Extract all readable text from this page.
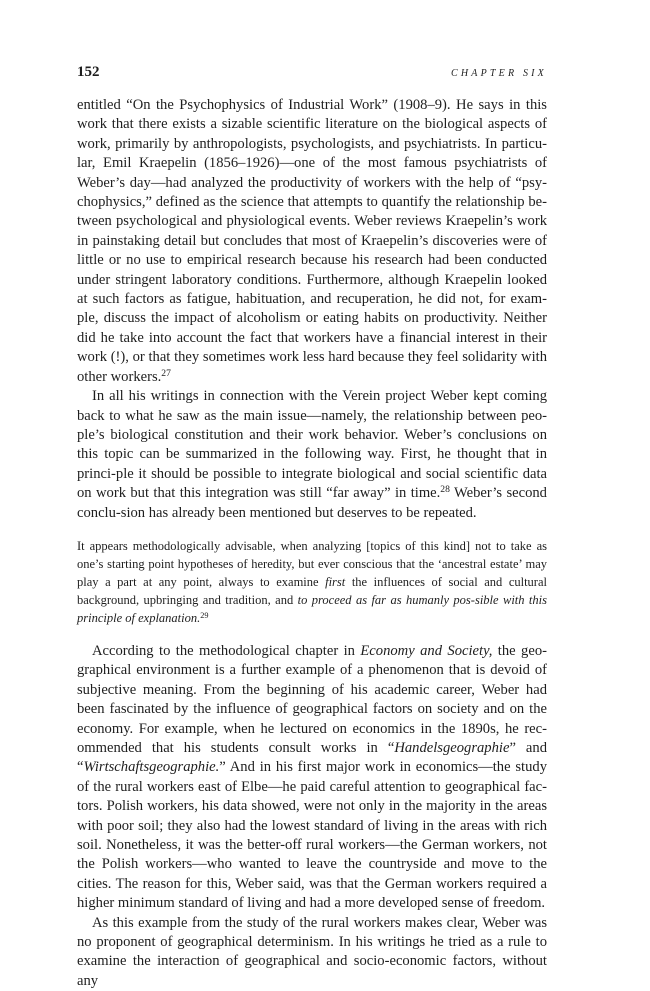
152	CHAPTER SIX

entitled “On the Psychophysics of Industrial Work” (1908–9). He says in this work that there exists a sizable scientific literature on the biological aspects of work, primarily by anthropologists, psychologists, and psychiatrists. In particu-lar, Emil Kraepelin (1856–1926)—one of the most famous psychiatrists of Weber’s day—had analyzed the productivity of workers with the help of “psy-chophysics,” defined as the science that attempts to quantify the relationship be-tween psychological and physiological events. Weber reviews Kraepelin’s work in painstaking detail but concludes that most of Kraepelin’s discoveries were of little or no use to empirical research because his research had been conducted under stringent laboratory conditions. Furthermore, although Kraepelin looked at such factors as fatigue, habituation, and recuperation, he did not, for exam-ple, discuss the impact of alcoholism or eating habits on productivity. Neither did he take into account the fact that workers have a financial interest in their work (!), or that they sometimes work less hard because they feel solidarity with other workers.$^{27}$

In all his writings in connection with the Verein project Weber kept coming back to what he saw as the main issue—namely, the relationship between peo-ple’s biological constitution and their work behavior. Weber’s conclusions on this topic can be summarized in the following way. First, he thought that in princi-ple it should be possible to integrate biological and social scientific data on work but that this integration was still “far away” in time.$^{28}$ Weber’s second conclu-sion has already been mentioned but deserves to be repeated.

It appears methodologically advisable, when analyzing [topics of this kind] not to take as one’s starting point hypotheses of heredity, but ever conscious that the ‘ancestral estate’ may play a part at any point, always to examine first the influences of social and cultural background, upbringing and tradition, and to proceed as far as humanly pos-sible with this principle of explanation.$^{29}$

According to the methodological chapter in Economy and Society, the geo-graphical environment is a further example of a phenomenon that is devoid of subjective meaning. From the beginning of his academic career, Weber had been fascinated by the influence of geographical factors on society and on the economy. For example, when he lectured on economics in the 1890s, he rec-ommended that his students consult works in “Handelsgeographie” and “Wirtschaftsgeographie.” And in his first major work in economics—the study of the rural workers east of Elbe—he paid careful attention to geographical fac-tors. Polish workers, his data showed, were not only in the majority in the areas with poor soil; they also had the lowest standard of living in the areas with rich soil. Nonetheless, it was the better-off rural workers—the German workers, not the Polish workers—who wanted to leave the countryside and move to the cities. The reason for this, Weber said, was that the German workers required a higher minimum standard of living and had a more developed sense of freedom.

As this example from the study of the rural workers makes clear, Weber was no proponent of geographical determinism. In his writings he tried as a rule to examine the interaction of geographical and socio-economic factors, without any
